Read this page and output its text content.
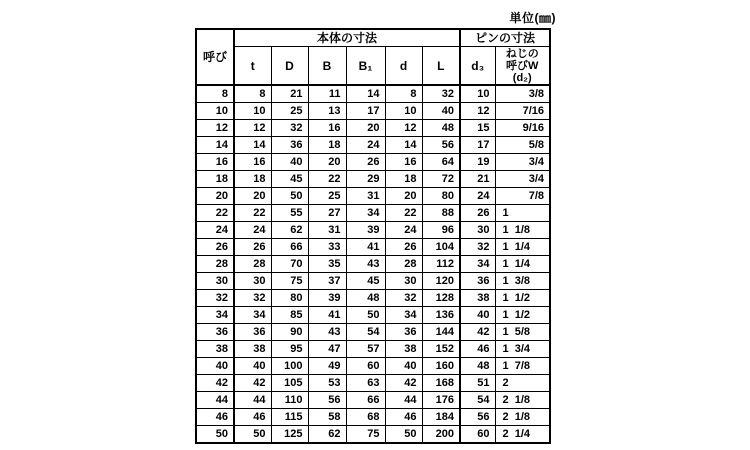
単位(㎜)
呼び	本体の寸法						ピンの寸法	
	t	D	B	B₁	d	L	d₃	ねじの
呼びW
(d₂)

8	8	21	11	14	8	32	10	3/8
10	10	25	13	17	10	40	12	7/16
12	12	32	16	20	12	48	15	9/16
14	14	36	18	24	14	56	17	5/8
16	16	40	20	26	16	64	19	3/4
18	18	45	22	29	18	72	21	3/4
20	20	50	25	31	20	80	24	7/8
22	22	55	27	34	22	88	26	1
24	24	62	31	39	24	96	30	1  1/8
26	26	66	33	41	26	104	32	1  1/4
28	28	70	35	43	28	112	34	1  1/4
30	30	75	37	45	30	120	36	1  3/8
32	32	80	39	48	32	128	38	1  1/2
34	34	85	41	50	34	136	40	1  1/2
36	36	90	43	54	36	144	42	1  5/8
38	38	95	47	57	38	152	46	1  3/4
40	40	100	49	60	40	160	48	1  7/8
42	42	105	53	63	42	168	51	2
44	44	110	56	66	44	176	54	2  1/8
46	46	115	58	68	46	184	56	2  1/8
50	50	125	62	75	50	200	60	2  1/4
